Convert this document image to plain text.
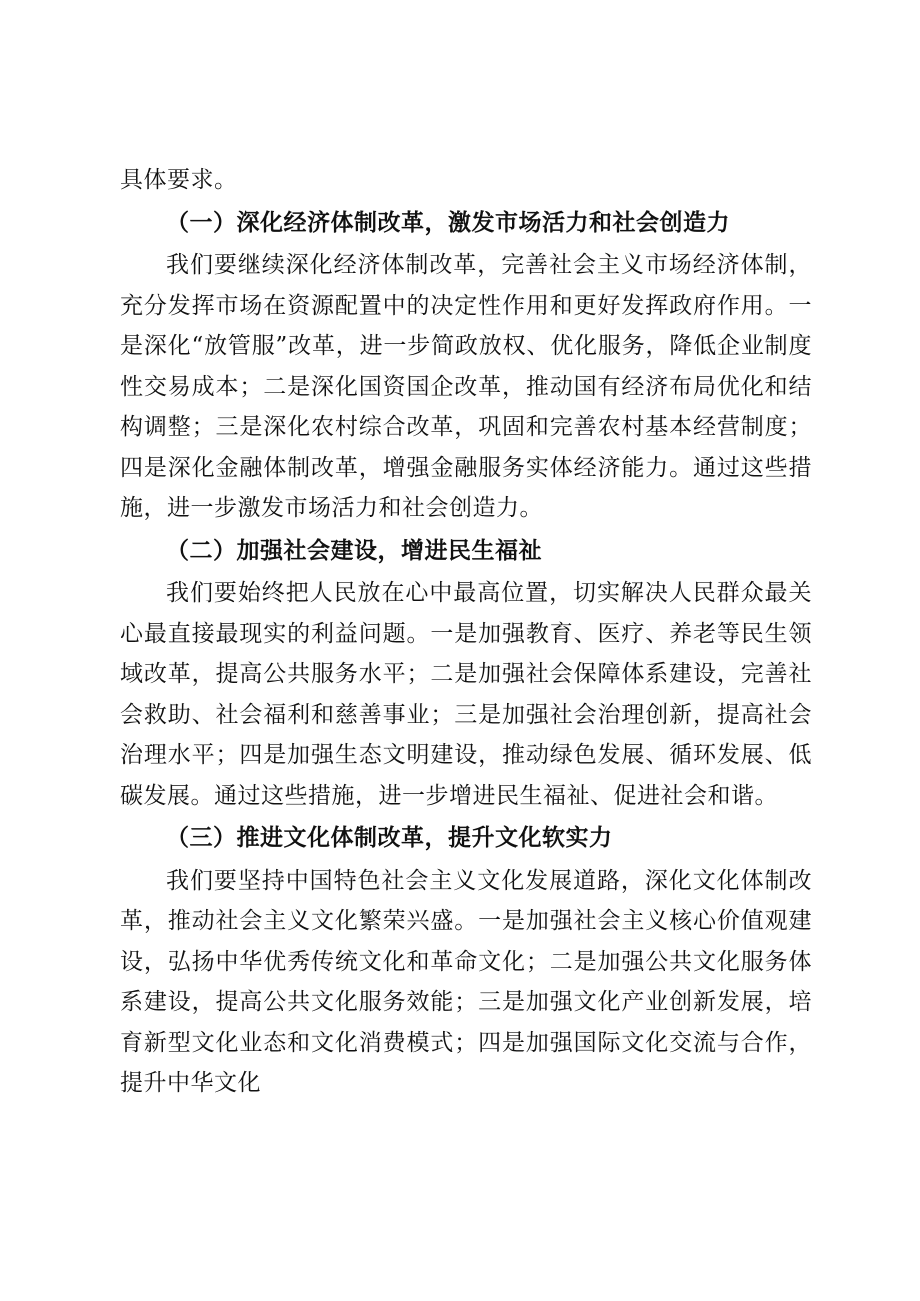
具体要求。

（一）深化经济体制改革，激发市场活力和社会创造力

我们要继续深化经济体制改革，完善社会主义市场经济体制，充分发挥市场在资源配置中的决定性作用和更好发挥政府作用。一是深化“放管服”改革，进一步简政放权、优化服务，降低企业制度性交易成本；二是深化国资国企改革，推动国有经济布局优化和结构调整；三是深化农村综合改革，巩固和完善农村基本经营制度；四是深化金融体制改革，增强金融服务实体经济能力。通过这些措施，进一步激发市场活力和社会创造力。

（二）加强社会建设，增进民生福祉

我们要始终把人民放在心中最高位置，切实解决人民群众最关心最直接最现实的利益问题。一是加强教育、医疗、养老等民生领域改革，提高公共服务水平；二是加强社会保障体系建设，完善社会救助、社会福利和慈善事业；三是加强社会治理创新，提高社会治理水平；四是加强生态文明建设，推动绿色发展、循环发展、低碳发展。通过这些措施，进一步增进民生福祉、促进社会和谐。

（三）推进文化体制改革，提升文化软实力

我们要坚持中国特色社会主义文化发展道路，深化文化体制改革，推动社会主义文化繁荣兴盛。一是加强社会主义核心价值观建设，弘扬中华优秀传统文化和革命文化；二是加强公共文化服务体系建设，提高公共文化服务效能；三是加强文化产业创新发展，培育新型文化业态和文化消费模式；四是加强国际文化交流与合作，提升中华文化
